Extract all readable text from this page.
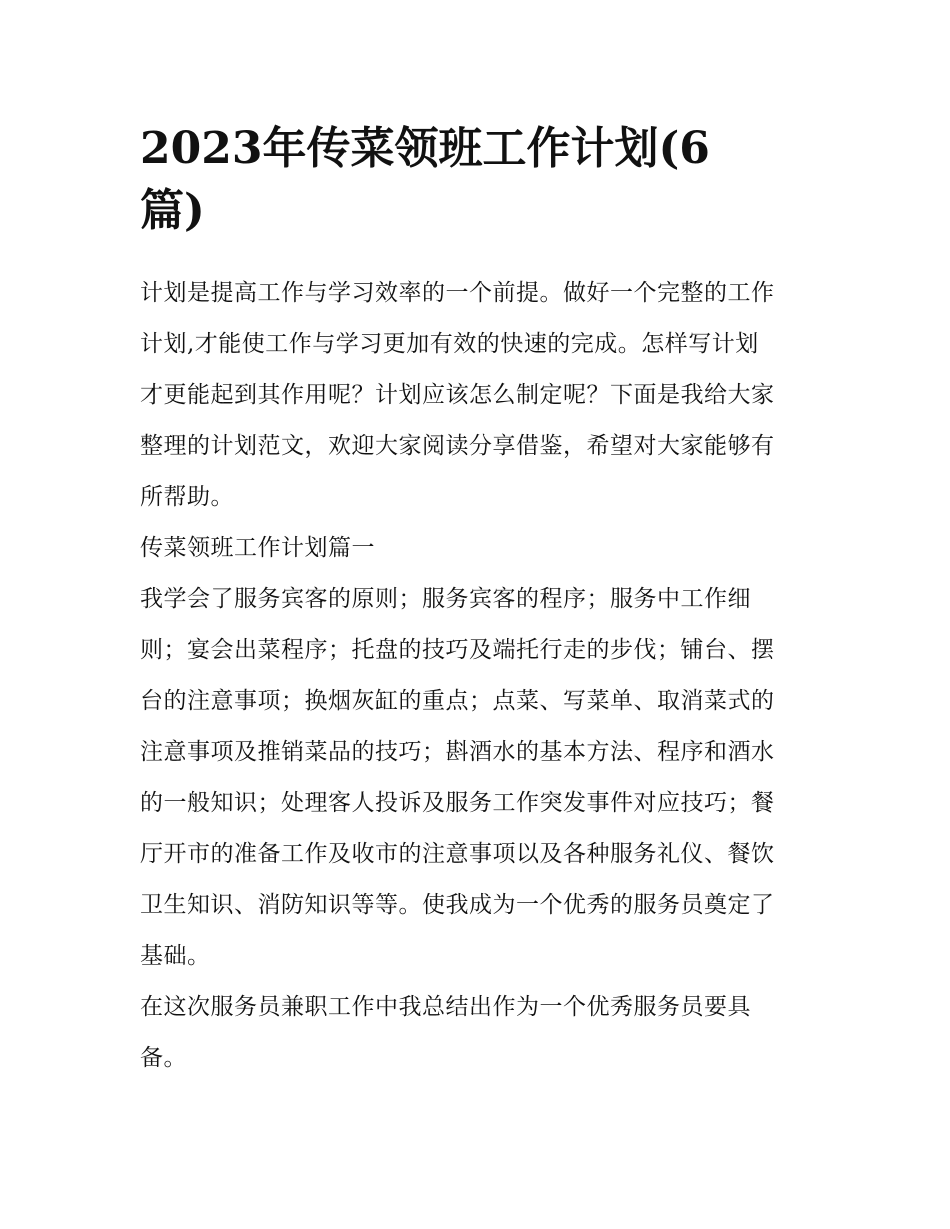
2023年传菜领班工作计划(6
篇)

计划是提高工作与学习效率的一个前提。做好一个完整的工作
计划,才能使工作与学习更加有效的快速的完成。怎样写计划
才更能起到其作用呢？计划应该怎么制定呢？下面是我给大家
整理的计划范文，欢迎大家阅读分享借鉴，希望对大家能够有
所帮助。

传菜领班工作计划篇一

我学会了服务宾客的原则；服务宾客的程序；服务中工作细
则；宴会出菜程序；托盘的技巧及端托行走的步伐；铺台、摆
台的注意事项；换烟灰缸的重点；点菜、写菜单、取消菜式的
注意事项及推销菜品的技巧；斟酒水的基本方法、程序和酒水
的一般知识；处理客人投诉及服务工作突发事件对应技巧；餐
厅开市的准备工作及收市的注意事项以及各种服务礼仪、餐饮
卫生知识、消防知识等等。使我成为一个优秀的服务员奠定了
基础。

在这次服务员兼职工作中我总结出作为一个优秀服务员要具
备。
